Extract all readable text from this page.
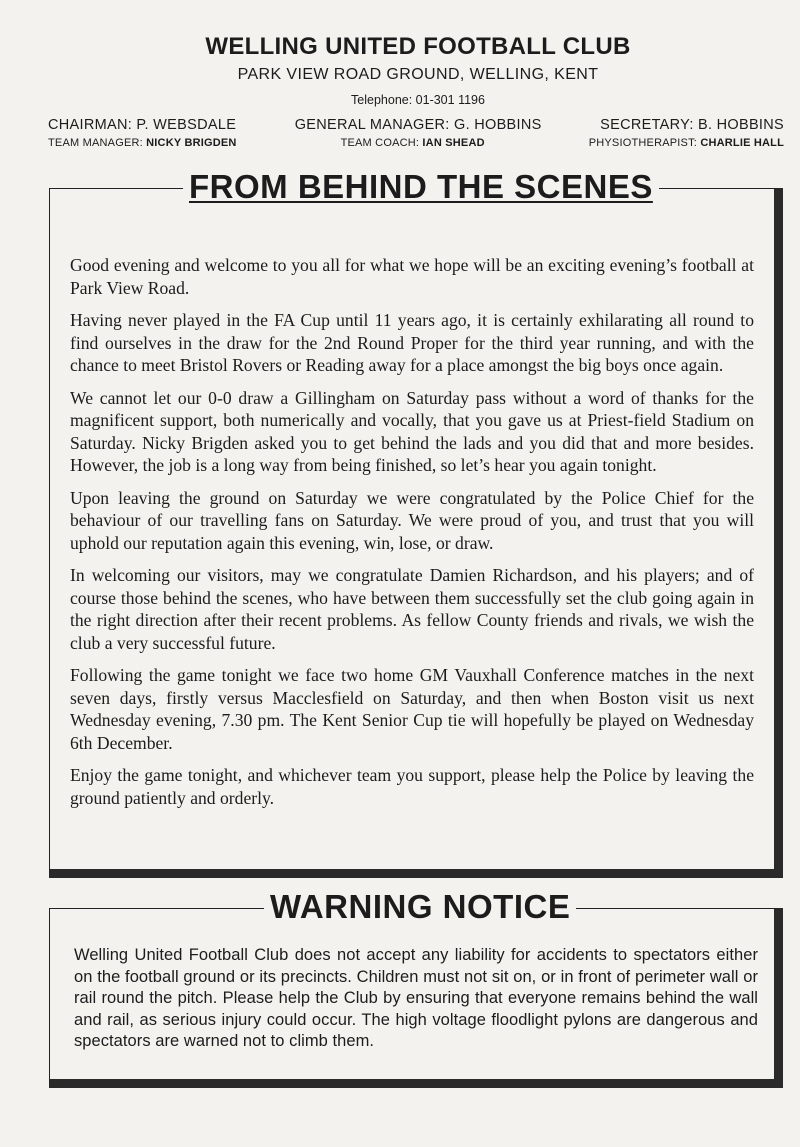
WELLING UNITED FOOTBALL CLUB
PARK VIEW ROAD GROUND, WELLING, KENT
Telephone: 01-301 1196
CHAIRMAN: P. WEBSDALE	GENERAL MANAGER: G. HOBBINS	SECRETARY: B. HOBBINS
TEAM MANAGER: NICKY BRIGDEN	TEAM COACH: IAN SHEAD	PHYSIOTHERAPIST: CHARLIE HALL
FROM BEHIND THE SCENES

Good evening and welcome to you all for what we hope will be an exciting evening’s football at Park View Road.

Having never played in the FA Cup until 11 years ago, it is certainly exhilarating all round to find ourselves in the draw for the 2nd Round Proper for the third year running, and with the chance to meet Bristol Rovers or Reading away for a place amongst the big boys once again.

We cannot let our 0-0 draw a Gillingham on Saturday pass without a word of thanks for the magnificent support, both numerically and vocally, that you gave us at Priest-field Stadium on Saturday. Nicky Brigden asked you to get behind the lads and you did that and more besides. However, the job is a long way from being finished, so let’s hear you again tonight.

Upon leaving the ground on Saturday we were congratulated by the Police Chief for the behaviour of our travelling fans on Saturday. We were proud of you, and trust that you will uphold our reputation again this evening, win, lose, or draw.

In welcoming our visitors, may we congratulate Damien Richardson, and his players; and of course those behind the scenes, who have between them successfully set the club going again in the right direction after their recent problems. As fellow County friends and rivals, we wish the club a very successful future.

Following the game tonight we face two home GM Vauxhall Conference matches in the next seven days, firstly versus Macclesfield on Saturday, and then when Boston visit us next Wednesday evening, 7.30 pm. The Kent Senior Cup tie will hopefully be played on Wednesday 6th December.

Enjoy the game tonight, and whichever team you support, please help the Police by leaving the ground patiently and orderly.

WARNING NOTICE
Welling United Football Club does not accept any liability for accidents to spectators either on the football ground or its precincts. Children must not sit on, or in front of perimeter wall or rail round the pitch. Please help the Club by ensuring that everyone remains behind the wall and rail, as serious injury could occur. The high voltage floodlight pylons are dangerous and spectators are warned not to climb them.
